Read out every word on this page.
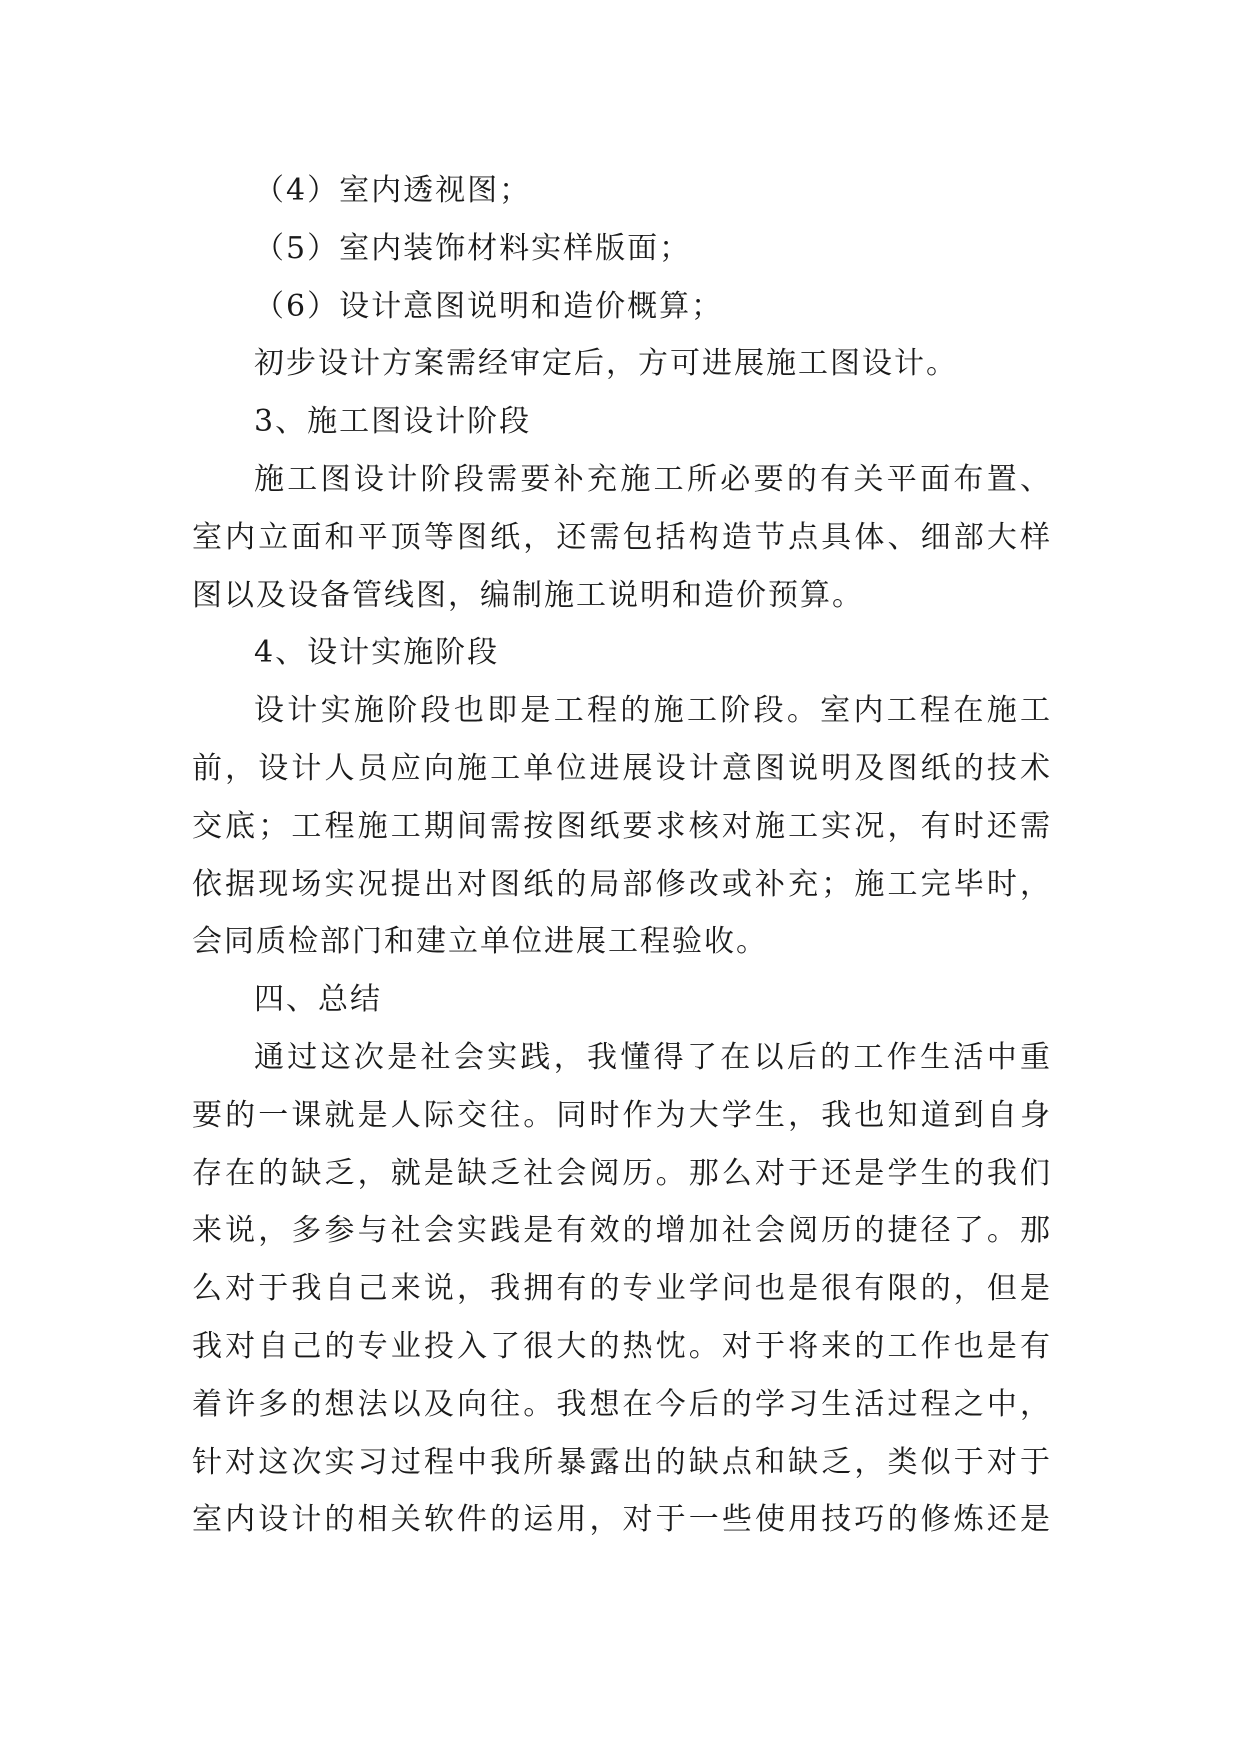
（4）室内透视图；
（5）室内装饰材料实样版面；
（6）设计意图说明和造价概算；
初步设计方案需经审定后，方可进展施工图设计。
3、施工图设计阶段
施工图设计阶段需要补充施工所必要的有关平面布置、
室内立面和平顶等图纸，还需包括构造节点具体、细部大样
图以及设备管线图，编制施工说明和造价预算。
4、设计实施阶段
设计实施阶段也即是工程的施工阶段。室内工程在施工
前，设计人员应向施工单位进展设计意图说明及图纸的技术
交底；工程施工期间需按图纸要求核对施工实况，有时还需
依据现场实况提出对图纸的局部修改或补充；施工完毕时，
会同质检部门和建立单位进展工程验收。
四、总结
通过这次是社会实践，我懂得了在以后的工作生活中重
要的一课就是人际交往。同时作为大学生，我也知道到自身
存在的缺乏，就是缺乏社会阅历。那么对于还是学生的我们
来说，多参与社会实践是有效的增加社会阅历的捷径了。那
么对于我自己来说，我拥有的专业学问也是很有限的，但是
我对自己的专业投入了很大的热忱。对于将来的工作也是有
着许多的想法以及向往。我想在今后的学习生活过程之中，
针对这次实习过程中我所暴露出的缺点和缺乏，类似于对于
室内设计的相关软件的运用，对于一些使用技巧的修炼还是
